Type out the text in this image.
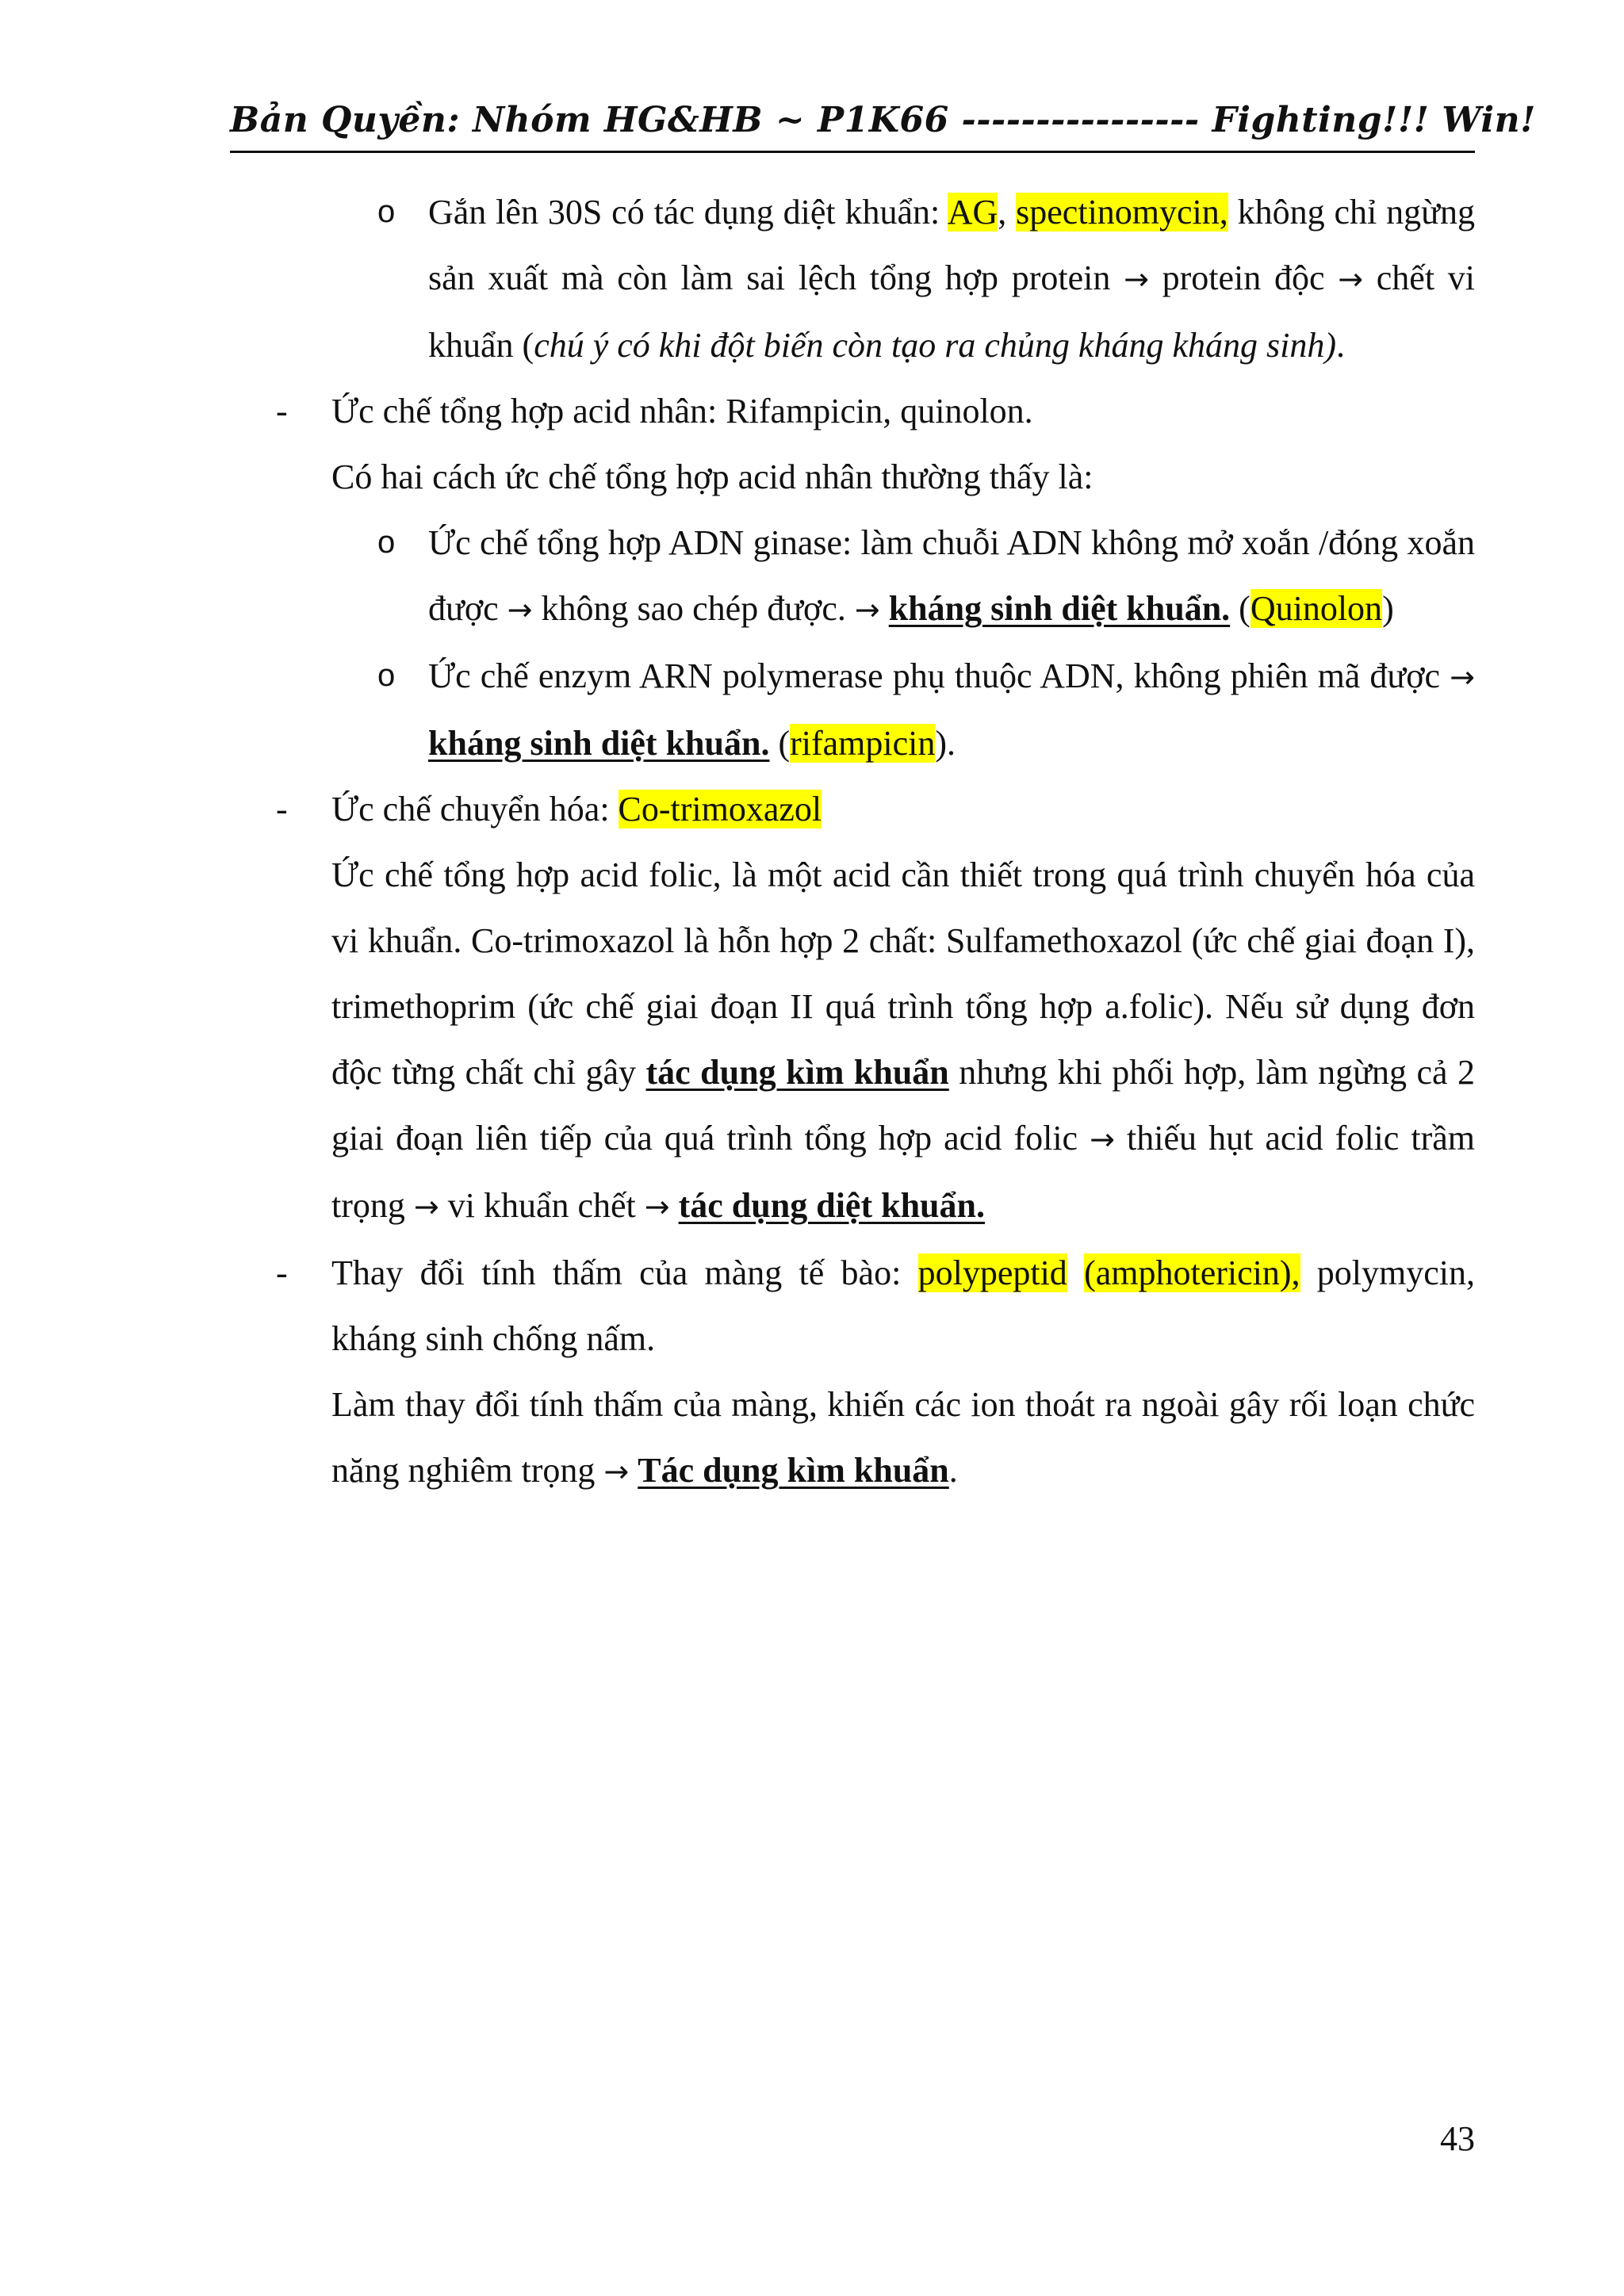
Bản Quyền: Nhóm HG&HB ~ P1K66 ---------------- Fighting!!! Win!
o Gắn lên 30S có tác dụng diệt khuẩn: AG, spectinomycin, không chỉ ngừng sản xuất mà còn làm sai lệch tổng hợp protein → protein độc → chết vi khuẩn (chú ý có khi đột biến còn tạo ra chủng kháng kháng sinh).
- Ức chế tổng hợp acid nhân: Rifampicin, quinolon.
Có hai cách ức chế tổng hợp acid nhân thường thấy là:
o Ức chế tổng hợp ADN ginase: làm chuỗi ADN không mở xoắn /đóng xoắn được → không sao chép được. → kháng sinh diệt khuẩn. (Quinolon)
o Ức chế enzym ARN polymerase phụ thuộc ADN, không phiên mã được → kháng sinh diệt khuẩn. (rifampicin).
- Ức chế chuyển hóa: Co-trimoxazol
Ức chế tổng hợp acid folic, là một acid cần thiết trong quá trình chuyển hóa của vi khuẩn. Co-trimoxazol là hỗn hợp 2 chất: Sulfamethoxazol (ức chế giai đoạn I), trimethoprim (ức chế giai đoạn II quá trình tổng hợp a.folic). Nếu sử dụng đơn độc từng chất chỉ gây tác dụng kìm khuẩn nhưng khi phối hợp, làm ngừng cả 2 giai đoạn liên tiếp của quá trình tổng hợp acid folic → thiếu hụt acid folic trầm trọng → vi khuẩn chết → tác dụng diệt khuẩn.
- Thay đổi tính thấm của màng tế bào: polypeptid (amphotericin), polymycin, kháng sinh chống nấm.
Làm thay đổi tính thấm của màng, khiến các ion thoát ra ngoài gây rối loạn chức năng nghiêm trọng → Tác dụng kìm khuẩn.
43
